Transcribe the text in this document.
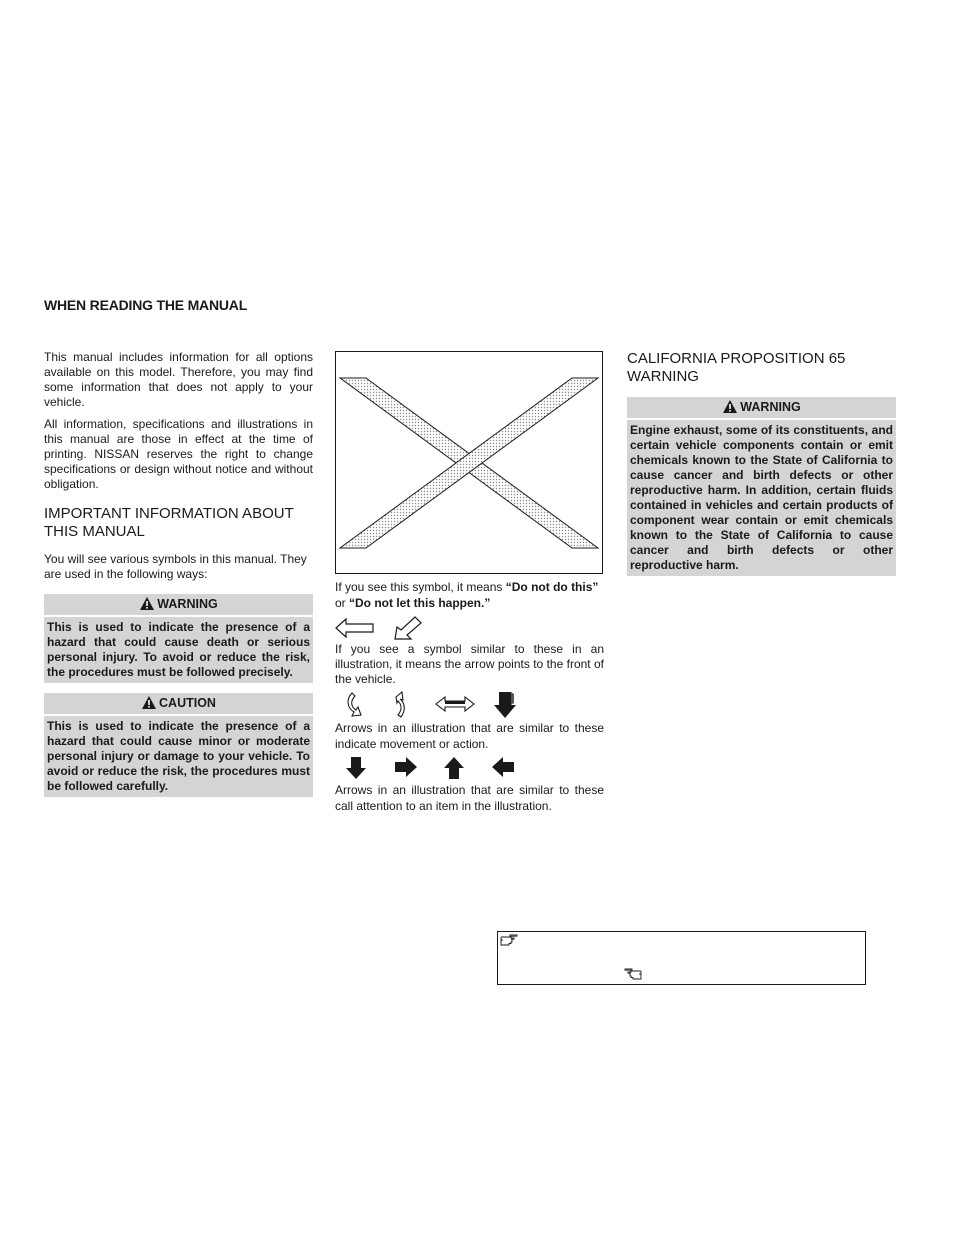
WHEN READING THE MANUAL

This manual includes information for all options available on this model. Therefore, you may find some information that does not apply to your vehicle.

All information, specifications and illustrations in this manual are those in effect at the time of printing. NISSAN reserves the right to change specifications or design without notice and without obligation.

IMPORTANT INFORMATION ABOUT THIS MANUAL

You will see various symbols in this manual. They are used in the following ways:

WARNING
This is used to indicate the presence of a hazard that could cause death or serious personal injury. To avoid or reduce the risk, the procedures must be followed precisely.
CAUTION
This is used to indicate the presence of a hazard that could cause minor or moderate personal injury or damage to your vehicle. To avoid or reduce the risk, the procedures must be followed carefully.
If you see this symbol, it means “Do not do this”
or “Do not let this happen.”

If you see a symbol similar to these in an illustration, it means the arrow points to the front of the vehicle.

Arrows in an illustration that are similar to these indicate movement or action.

Arrows in an illustration that are similar to these call attention to an item in the illustration.

CALIFORNIA PROPOSITION 65 WARNING

WARNING
Engine exhaust, some of its constituents, and certain vehicle components contain or emit chemicals known to the State of California to cause cancer and birth defects or other reproductive harm. In addition, certain fluids contained in vehicles and certain products of component wear contain or emit chemicals known to the State of California to cause cancer and birth defects or other reproductive harm.
